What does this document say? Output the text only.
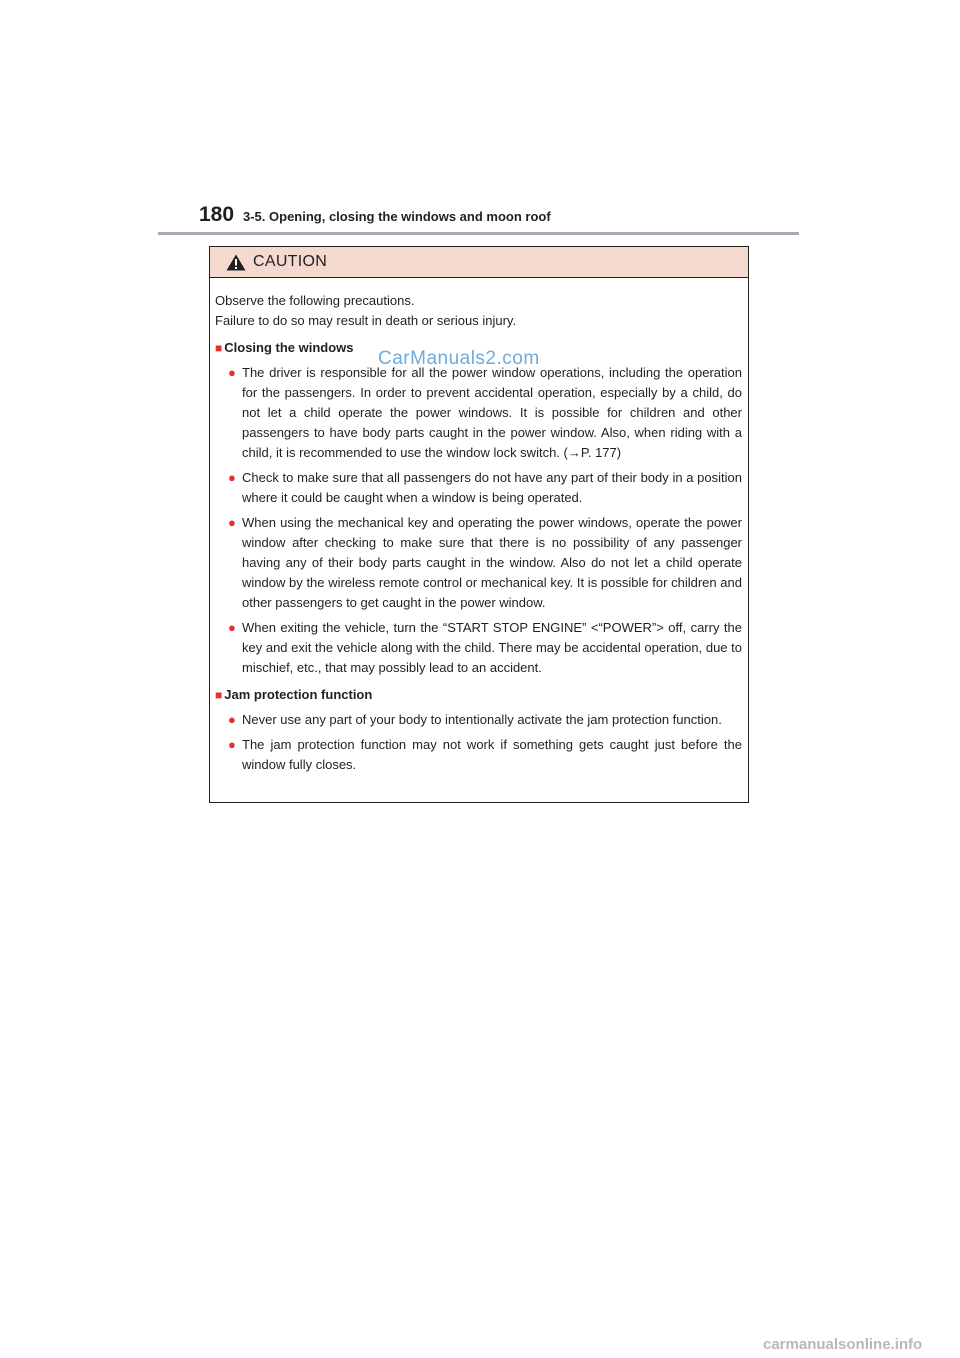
180 3-5. Opening, closing the windows and moon roof
CAUTION

Observe the following precautions.

Failure to do so may result in death or serious injury.

■ Closing the windows
● The driver is responsible for all the power window operations, including the operation for the passengers. In order to prevent accidental operation, especially by a child, do not let a child operate the power windows. It is possible for children and other passengers to have body parts caught in the power window. Also, when riding with a child, it is recommended to use the window lock switch. (→P. 177)
● Check to make sure that all passengers do not have any part of their body in a position where it could be caught when a window is being operated.
● When using the mechanical key and operating the power windows, operate the power window after checking to make sure that there is no possibility of any passenger having any of their body parts caught in the window. Also do not let a child operate window by the wireless remote control or mechanical key. It is possible for children and other passengers to get caught in the power window.
● When exiting the vehicle, turn the “START STOP ENGINE” <“POWER”> off, carry the key and exit the vehicle along with the child. There may be accidental operation, due to mischief, etc., that may possibly lead to an accident.
■ Jam protection function
● Never use any part of your body to intentionally activate the jam protection function.
● The jam protection function may not work if something gets caught just before the window fully closes.
CarManuals2.com
carmanualsonline.info
